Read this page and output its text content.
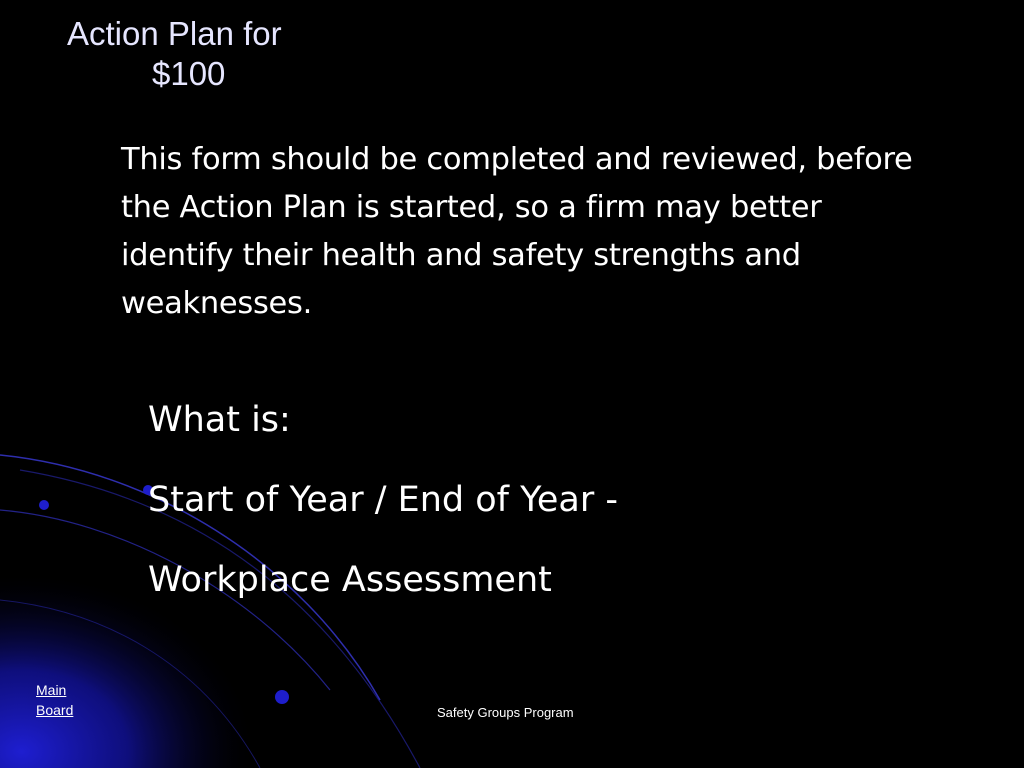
Action Plan for
$100
This form should be completed and reviewed, before the Action Plan is started, so a firm may better identify their health and safety strengths and weaknesses.
What is:
Start of Year / End of Year -
Workplace Assessment
Main Board	Safety Groups Program
